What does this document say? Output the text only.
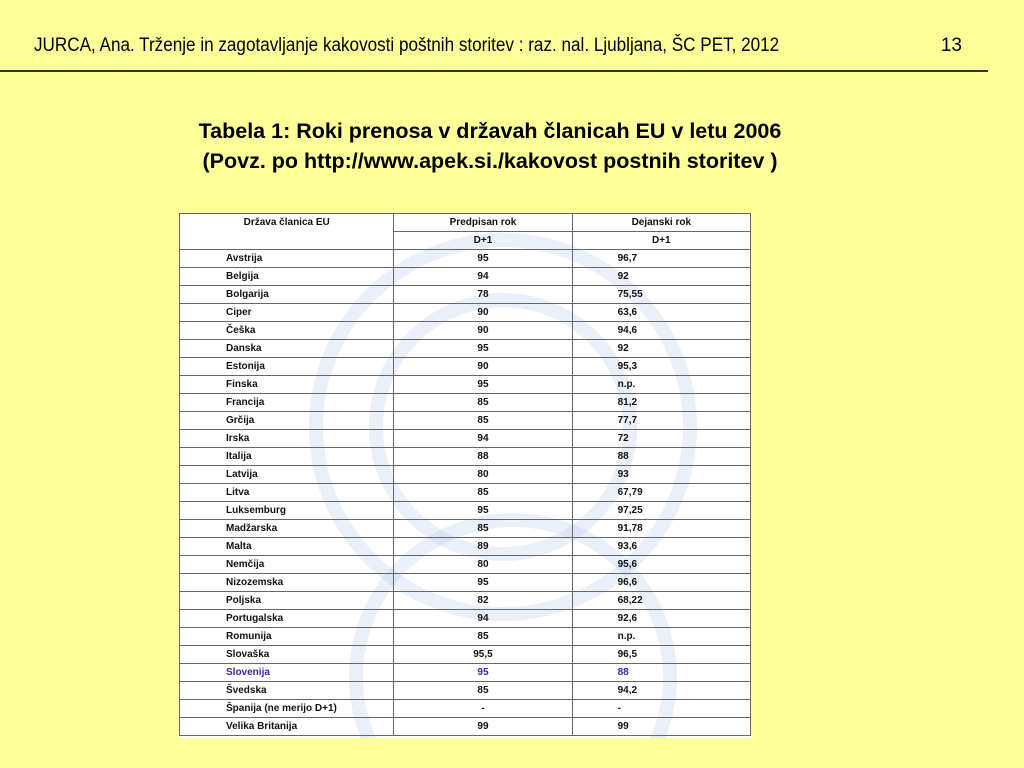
JURCA, Ana. Trženje in zagotavljanje kakovosti poštnih storitev : raz. nal. Ljubljana, ŠC PET, 2012	13
Tabela 1: Roki prenosa v državah članicah EU v letu 2006
(Povz. po http://www.apek.si./kakovost postnih storitev )
Država članica EU	Predpisan rok	Dejanski rok
	D+1	D+1
Avstrija	95	96,7
Belgija	94	92
Bolgarija	78	75,55
Ciper	90	63,6
Češka	90	94,6
Danska	95	92
Estonija	90	95,3
Finska	95	n.p.
Francija	85	81,2
Grčija	85	77,7
Irska	94	72
Italija	88	88
Latvija	80	93
Litva	85	67,79
Luksemburg	95	97,25
Madžarska	85	91,78
Malta	89	93,6
Nemčija	80	95,6
Nizozemska	95	96,6
Poljska	82	68,22
Portugalska	94	92,6
Romunija	85	n.p.
Slovaška	95,5	96,5
Slovenija	95	88
Švedska	85	94,2
Španija (ne merijo D+1)	-	-
Velika Britanija	99	99
